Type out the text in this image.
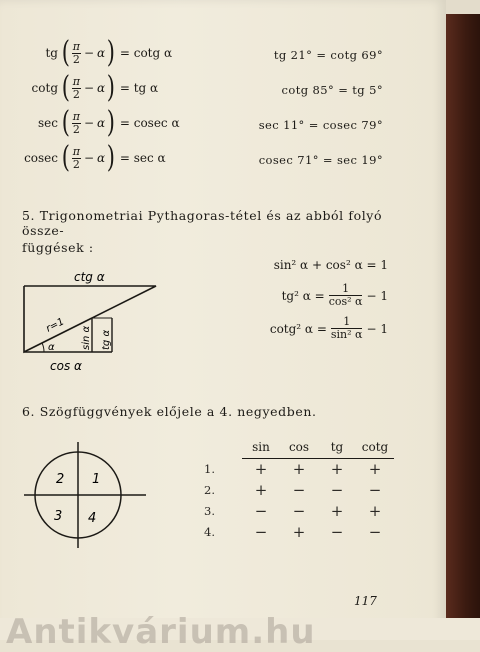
tg ( $\frac{\pi}{2} - \alpha$ ) = cotg α
cotg ( $\frac{\pi}{2} - \alpha$ ) = tg α
sec ( $\frac{\pi}{2} - \alpha$ ) = cosec α
cosec ( $\frac{\pi}{2} - \alpha$ ) = sec α
tg 21° = cotg 69°
cotg 85° = tg 5°
sec 11° = cosec 79°
cosec 71° = sec 19°
5. Trigonometriai Pythagoras-tétel és az abból folyó össze-
függések :
sin² α + cos² α = 1
tg² $\alpha = \frac{1}{\text{cos² α}} - 1$
cotg² $\alpha = \frac{1}{\text{sin² α}} - 1$
ctg α
cos α
r=1
α	sin α tg α
6. Szögfüggvények előjele a 4. negyedben.
2 1
3 4
	sin	cos	tg	cotg
1.	+	+	+	+
2.	+	−	−	−
3.	−	−	+	+
4.	−	+	−	−
117
Antikvárium.hu
